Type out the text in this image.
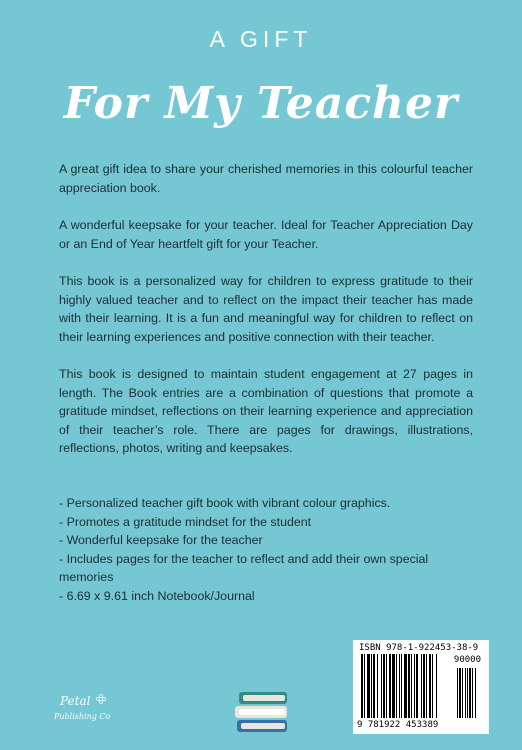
A GIFT
For My Teacher

A great gift idea to share your cherished memories in this colourful teacher appreciation book.

A wonderful keepsake for your teacher. Ideal for Teacher Appreciation Day or an End of Year heartfelt gift for your Teacher.

This book is a personalized way for children to express gratitude to their highly valued teacher and to reflect on the impact their teacher has made with their learning. It is a fun and meaningful way for children to reflect on their learning experiences and positive connection with their teacher.

This book is designed to maintain student engagement at 27 pages in length. The Book entries are a combination of questions that promote a gratitude mindset, reflections on their learning experience and appreciation of their teacher’s role. There are pages for drawings, illustrations, reflections, photos, writing and keepsakes.

- Personalized teacher gift book with vibrant colour graphics.
- Promotes a gratitude mindset for the student
- Wonderful keepsake for the teacher
- Includes pages for the teacher to reflect and add their own special memories
- 6.69 x 9.61 inch Notebook/Journal
Petal
Publishing Co
ISBN 978-1-922453-38-9
90000
9 781922 453389
